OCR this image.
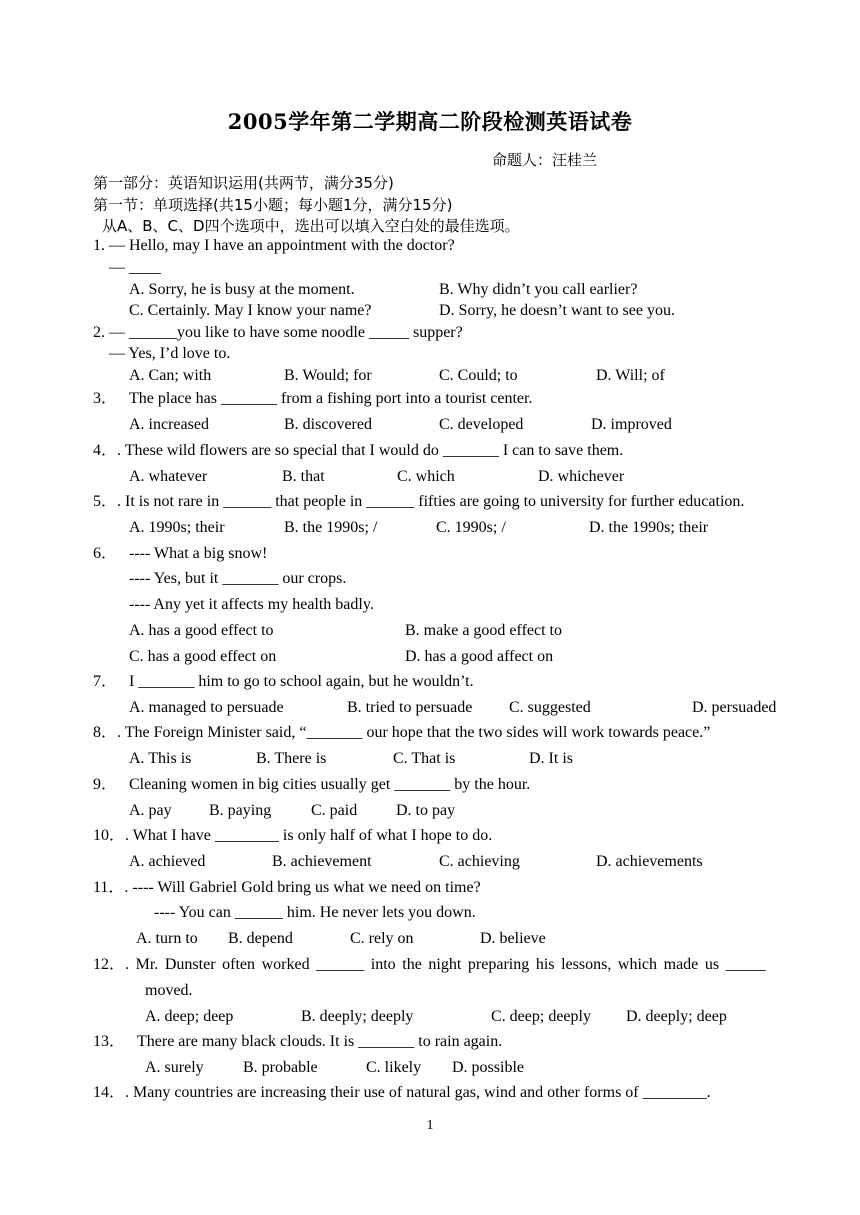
2005学年第二学期高二阶段检测英语试卷
命题人：汪桂兰
第一部分：英语知识运用(共两节，满分35分)
第一节：单项选择(共15小题；每小题1分，满分15分)
从A、B、C、D四个选项中，选出可以填入空白处的最佳选项。
1. — Hello, may I have an appointment with the doctor?
— ____
A. Sorry, he is busy at the moment.	B. Why didn’t you call earlier?
C. Certainly. May I know your name?	D. Sorry, he doesn’t want to see you.
2. — ______you like to have some noodle _____ supper?
— Yes, I’d love to.
A. Can; with	B. Would; for	C. Could; to	D. Will; of
3． The place has _______ from a fishing port into a tourist center.
A. increased	B. discovered	C. developed	D. improved
4．. These wild flowers are so special that I would do _______ I can to save them.
A. whatever	B. that	C. which	D. whichever
5．. It is not rare in ______ that people in ______ fifties are going to university for further education.
A. 1990s; their	B. the 1990s; /	C. 1990s; /	D. the 1990s; their
6． ---- What a big snow!
---- Yes, but it _______ our crops.
---- Any yet it affects my health badly.
A. has a good effect to	B. make a good effect to
C. has a good effect on	D. has a good affect on
7． I _______ him to go to school again, but he wouldn’t.
A. managed to persuade	B. tried to persuade C. suggested	D. persuaded
8．. The Foreign Minister said, “_______ our hope that the two sides will work towards peace.”
A. This is	B. There is	C. That is	D. It is
9． Cleaning women in big cities usually get _______ by the hour.
A. pay B. paying C. paid D. to pay
10．. What I have ________ is only half of what I hope to do.
A. achieved	B. achievement	C. achieving	D. achievements
11．. ---- Will Gabriel Gold bring us what we need on time?
---- You can ______ him. He never lets you down.
A. turn to B. depend	C. rely on	D. believe
12．. Mr. Dunster often worked ______ into the night preparing his lessons, which made us _____
moved.
A. deep; deep	B. deeply; deeply	C. deep; deeply D. deeply; deep
13． There are many black clouds. It is _______ to rain again.
A. surely B. probable	C. likely D. possible
14．. Many countries are increasing their use of natural gas, wind and other forms of ________.
1
